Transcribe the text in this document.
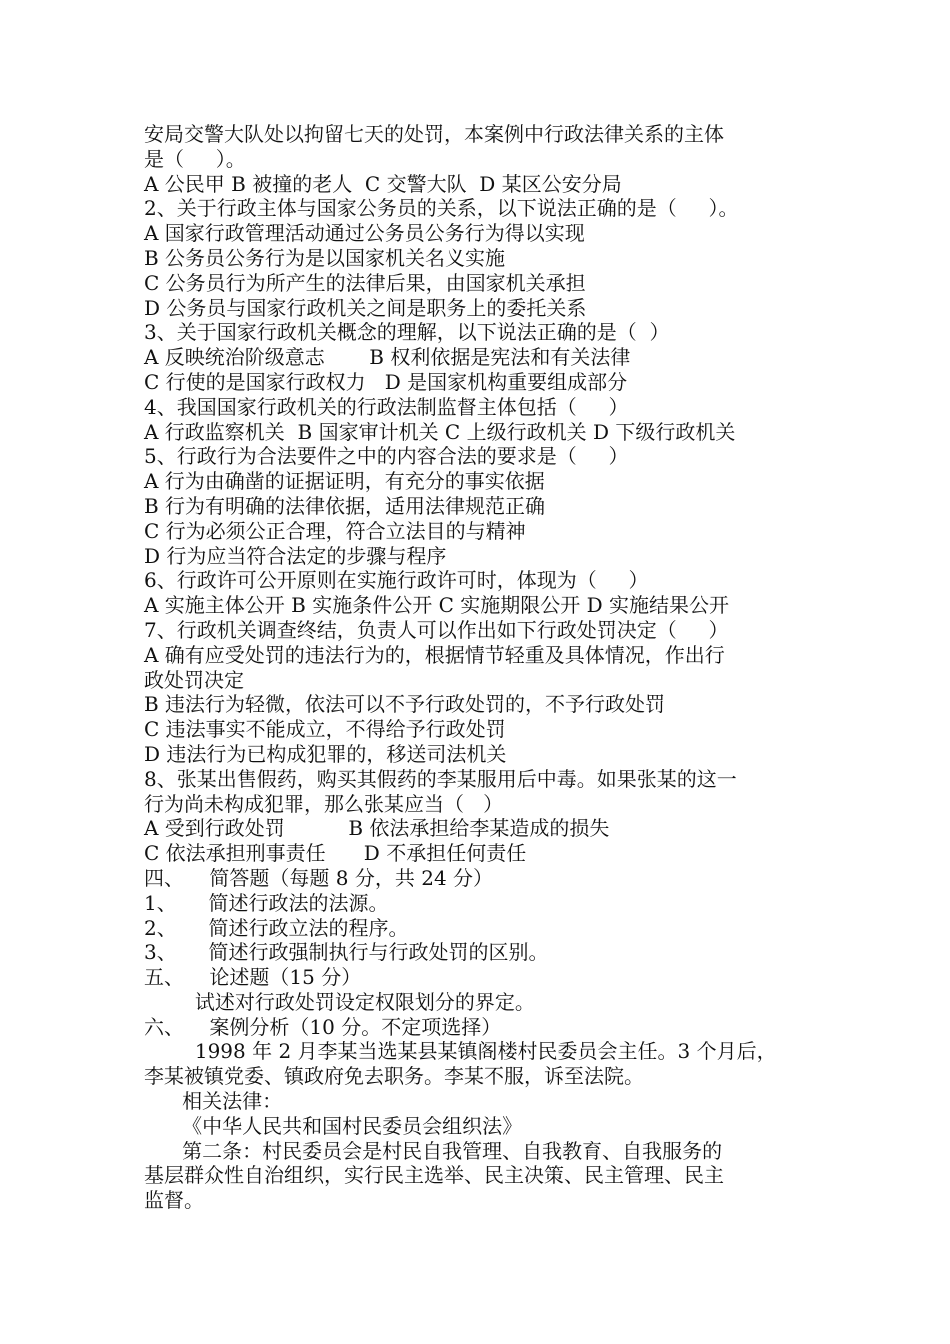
安局交警大队处以拘留七天的处罚，本案例中行政法律关系的主体
是（     ）。
A 公民甲 B 被撞的老人  C 交警大队  D 某区公安分局
2、关于行政主体与国家公务员的关系，以下说法正确的是（     ）。
A 国家行政管理活动通过公务员公务行为得以实现
B 公务员公务行为是以国家机关名义实施
C 公务员行为所产生的法律后果，由国家机关承担
D 公务员与国家行政机关之间是职务上的委托关系
3、关于国家行政机关概念的理解，以下说法正确的是（  ）
A 反映统治阶级意志       B 权利依据是宪法和有关法律
C 行使的是国家行政权力   D 是国家机构重要组成部分
4、我国国家行政机关的行政法制监督主体包括（     ）
A 行政监察机关  B 国家审计机关 C 上级行政机关 D 下级行政机关
5、行政行为合法要件之中的内容合法的要求是（     ）
A 行为由确凿的证据证明，有充分的事实依据
B 行为有明确的法律依据，适用法律规范正确
C 行为必须公正合理，符合立法目的与精神
D 行为应当符合法定的步骤与程序
6、行政许可公开原则在实施行政许可时，体现为（     ）
A 实施主体公开 B 实施条件公开 C 实施期限公开 D 实施结果公开
7、行政机关调查终结，负责人可以作出如下行政处罚决定（     ）
A 确有应受处罚的违法行为的，根据情节轻重及具体情况，作出行
政处罚决定
B 违法行为轻微，依法可以不予行政处罚的，不予行政处罚
C 违法事实不能成立，不得给予行政处罚
D 违法行为已构成犯罪的，移送司法机关
8、张某出售假药，购买其假药的李某服用后中毒。如果张某的这一
行为尚未构成犯罪，那么张某应当（   ）
A 受到行政处罚          B 依法承担给李某造成的损失
C 依法承担刑事责任      D 不承担任何责任
四、    简答题（每题 8 分，共 24 分）
1、     简述行政法的法源。
2、     简述行政立法的程序。
3、     简述行政强制执行与行政处罚的区别。
五、    论述题（15 分）
试述对行政处罚设定权限划分的界定。
六、    案例分析（10 分。不定项选择）
1998 年 2 月李某当选某县某镇阁楼村民委员会主任。3 个月后，
李某被镇党委、镇政府免去职务。李某不服，诉至法院。
相关法律：
《中华人民共和国村民委员会组织法》
第二条：村民委员会是村民自我管理、自我教育、自我服务的
基层群众性自治组织，实行民主选举、民主决策、民主管理、民主
监督。
